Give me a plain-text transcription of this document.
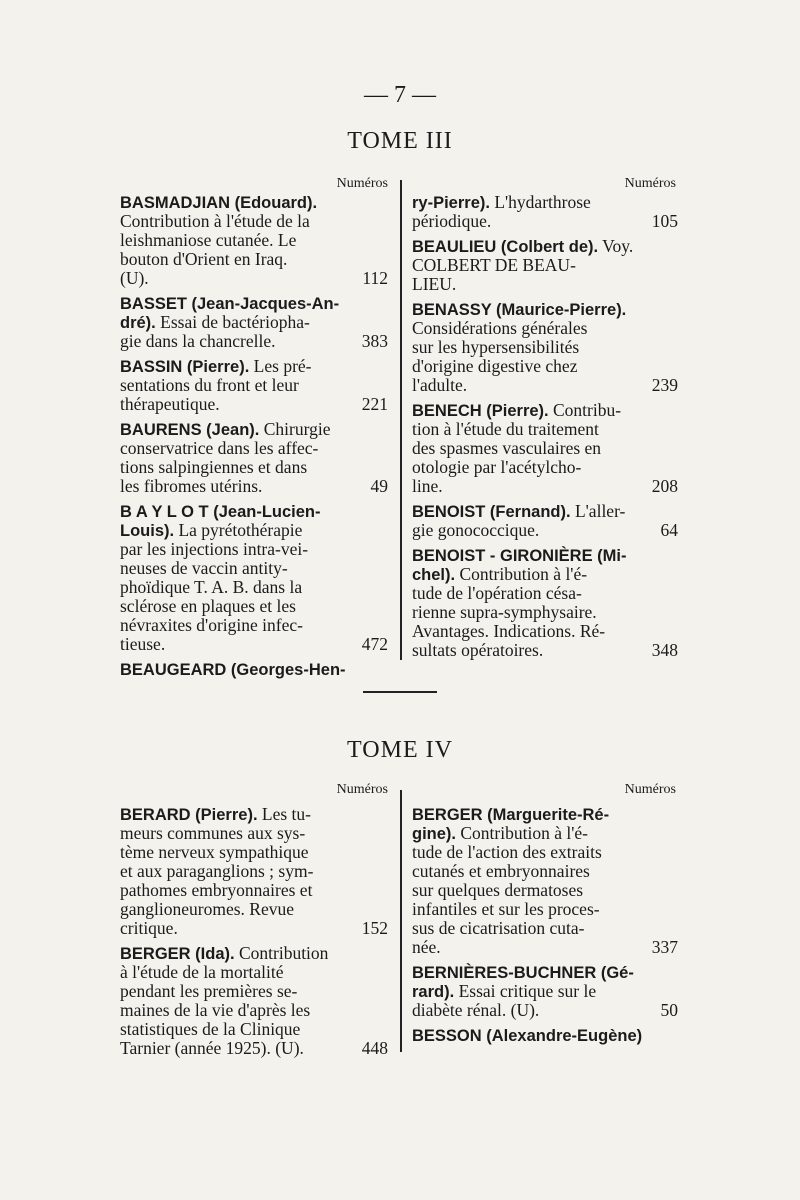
— 7 —
TOME III
Numéros	Numéros
BASMADJIAN (Edouard).
Contribution à l'étude de la
leishmaniose cutanée. Le
bouton d'Orient en Iraq.
(U).	112
BASSET (Jean-Jacques-An-
dré). Essai de bactériopha-
gie dans la chancrelle.	383
BASSIN (Pierre). Les pré-
sentations du front et leur
thérapeutique.	221
BAURENS (Jean). Chirurgie
conservatrice dans les affec-
tions salpingiennes et dans
les fibromes utérins.	49
B A Y L O T (Jean-Lucien-
Louis). La pyrétothérapie
par les injections intra-vei-
neuses de vaccin antity-
phoïdique T. A. B. dans la
sclérose en plaques et les
névraxites d'origine infec-
tieuse.	472
BEAUGEARD (Georges-Hen-
ry-Pierre). L'hydarthrose
périodique.	105
BEAULIEU (Colbert de). Voy.
COLBERT DE BEAU-
LIEU.
BENASSY (Maurice-Pierre).
Considérations générales
sur les hypersensibilités
d'origine digestive chez
l'adulte.	239
BENECH (Pierre). Contribu-
tion à l'étude du traitement
des spasmes vasculaires en
otologie par l'acétylcho-
line.	208
BENOIST (Fernand). L'aller-
gie gonococcique.	64
BENOIST - GIRONIÈRE (Mi-
chel). Contribution à l'é-
tude de l'opération césa-
rienne supra-symphysaire.
Avantages. Indications. Ré-
sultats opératoires.	348
TOME IV
Numéros	Numéros
BERARD (Pierre). Les tu-
meurs communes aux sys-
tème nerveux sympathique
et aux paraganglions ; sym-
pathomes embryonnaires et
ganglioneuromes. Revue
critique.	152
BERGER (Ida). Contribution
à l'étude de la mortalité
pendant les premières se-
maines de la vie d'après les
statistiques de la Clinique
Tarnier (année 1925). (U).	448
BERGER (Marguerite-Ré-
gine). Contribution à l'é-
tude de l'action des extraits
cutanés et embryonnaires
sur quelques dermatoses
infantiles et sur les proces-
sus de cicatrisation cuta-
née.	337
BERNIÈRES-BUCHNER (Gé-
rard). Essai critique sur le
diabète rénal. (U).	50
BESSON (Alexandre-Eugène)
